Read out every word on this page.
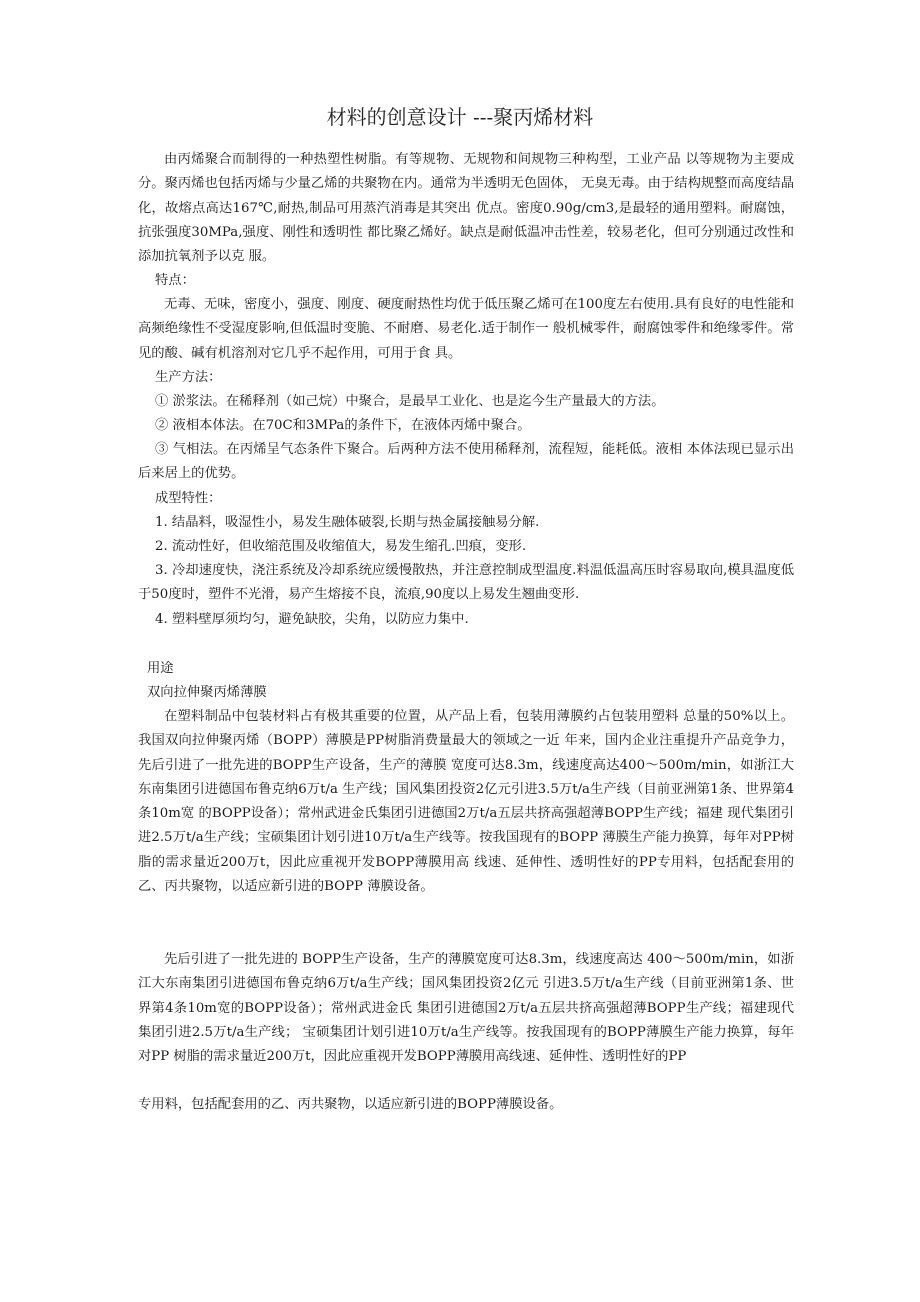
材料的创意设计 ---聚丙烯材料

由丙烯聚合而制得的一种热塑性树脂。有等规物、无规物和间规物三种构型，工业产品 以等规物为主要成分。聚丙烯也包括丙烯与少量乙烯的共聚物在内。通常为半透明无色固体， 无臭无毒。由于结构规整而高度结晶化，故熔点高达167℃,耐热,制品可用蒸汽消毒是其突出 优点。密度0.90g/cm3,是最轻的通用塑料。耐腐蚀，抗张强度30MPa,强度、刚性和透明性 都比聚乙烯好。缺点是耐低温冲击性差，较易老化，但可分别通过改性和添加抗氧剂予以克 服。

特点：

无毒、无味，密度小，强度、刚度、硬度耐热性均优于低压聚乙烯可在100度左右使用.具有良好的电性能和高频绝缘性不受湿度影响,但低温时变脆、不耐磨、易老化.适于制作一 般机械零件，耐腐蚀零件和绝缘零件。常见的酸、碱有机溶剂对它几乎不起作用，可用于食 具。

生产方法：

① 淤浆法。在稀释剂（如己烷）中聚合，是最早工业化、也是迄今生产量最大的方法。

② 液相本体法。在70C和3MPa的条件下，在液体丙烯中聚合。

③ 气相法。在丙烯呈气态条件下聚合。后两种方法不使用稀释剂，流程短，能耗低。液相 本体法现已显示出后来居上的优势。

成型特性：

1. 结晶料，吸湿性小，易发生融体破裂,长期与热金属接触易分解.

2. 流动性好，但收缩范围及收缩值大，易发生缩孔.凹痕，变形.

3. 冷却速度快，浇注系统及冷却系统应缓慢散热，并注意控制成型温度.料温低温高压时容易取向,模具温度低于50度时，塑件不光滑，易产生熔接不良，流痕,90度以上易发生翘曲变形.

4. 塑料壁厚须均匀，避免缺胶，尖角，以防应力集中.

用途

双向拉伸聚丙烯薄膜

在塑料制品中包装材料占有极其重要的位置，从产品上看，包装用薄膜约占包装用塑料 总量的50%以上。我国双向拉伸聚丙烯（BOPP）薄膜是PP树脂消费量最大的领域之一近 年来，国内企业注重提升产品竞争力，先后引进了一批先进的BOPP生产设备，生产的薄膜 宽度可达8.3m，线速度高达400〜500m/min，如浙江大东南集团引进德国布鲁克纳6万t/a 生产线；国风集团投资2亿元引进3.5万t/a生产线（目前亚洲第1条、世界第4条10m宽 的BOPP设备）；常州武进金氏集团引进德国2万t/a五层共挤高强超薄BOPP生产线；福建 现代集团引进2.5万t/a生产线；宝硕集团计划引进10万t/a生产线等。按我国现有的BOPP 薄膜生产能力换算，每年对PP树脂的需求量近200万t，因此应重视开发BOPP薄膜用高 线速、延伸性、透明性好的PP专用料，包括配套用的乙、丙共聚物，以适应新引进的BOPP 薄膜设备。

先后引进了一批先进的 BOPP生产设备，生产的薄膜宽度可达8.3m，线速度高达 400〜500m/min，如浙江大东南集团引进德国布鲁克纳6万t/a生产线；国风集团投资2亿元 引进3.5万t/a生产线（目前亚洲第1条、世界第4条10m宽的BOPP设备）；常州武进金氏 集团引进德国2万t/a五层共挤高强超薄BOPP生产线；福建现代集团引进2.5万t/a生产线； 宝硕集团计划引进10万t/a生产线等。按我国现有的BOPP薄膜生产能力换算，每年对PP 树脂的需求量近200万t，因此应重视开发BOPP薄膜用高线速、延伸性、透明性好的PP

专用料，包括配套用的乙、丙共聚物，以适应新引进的BOPP薄膜设备。
